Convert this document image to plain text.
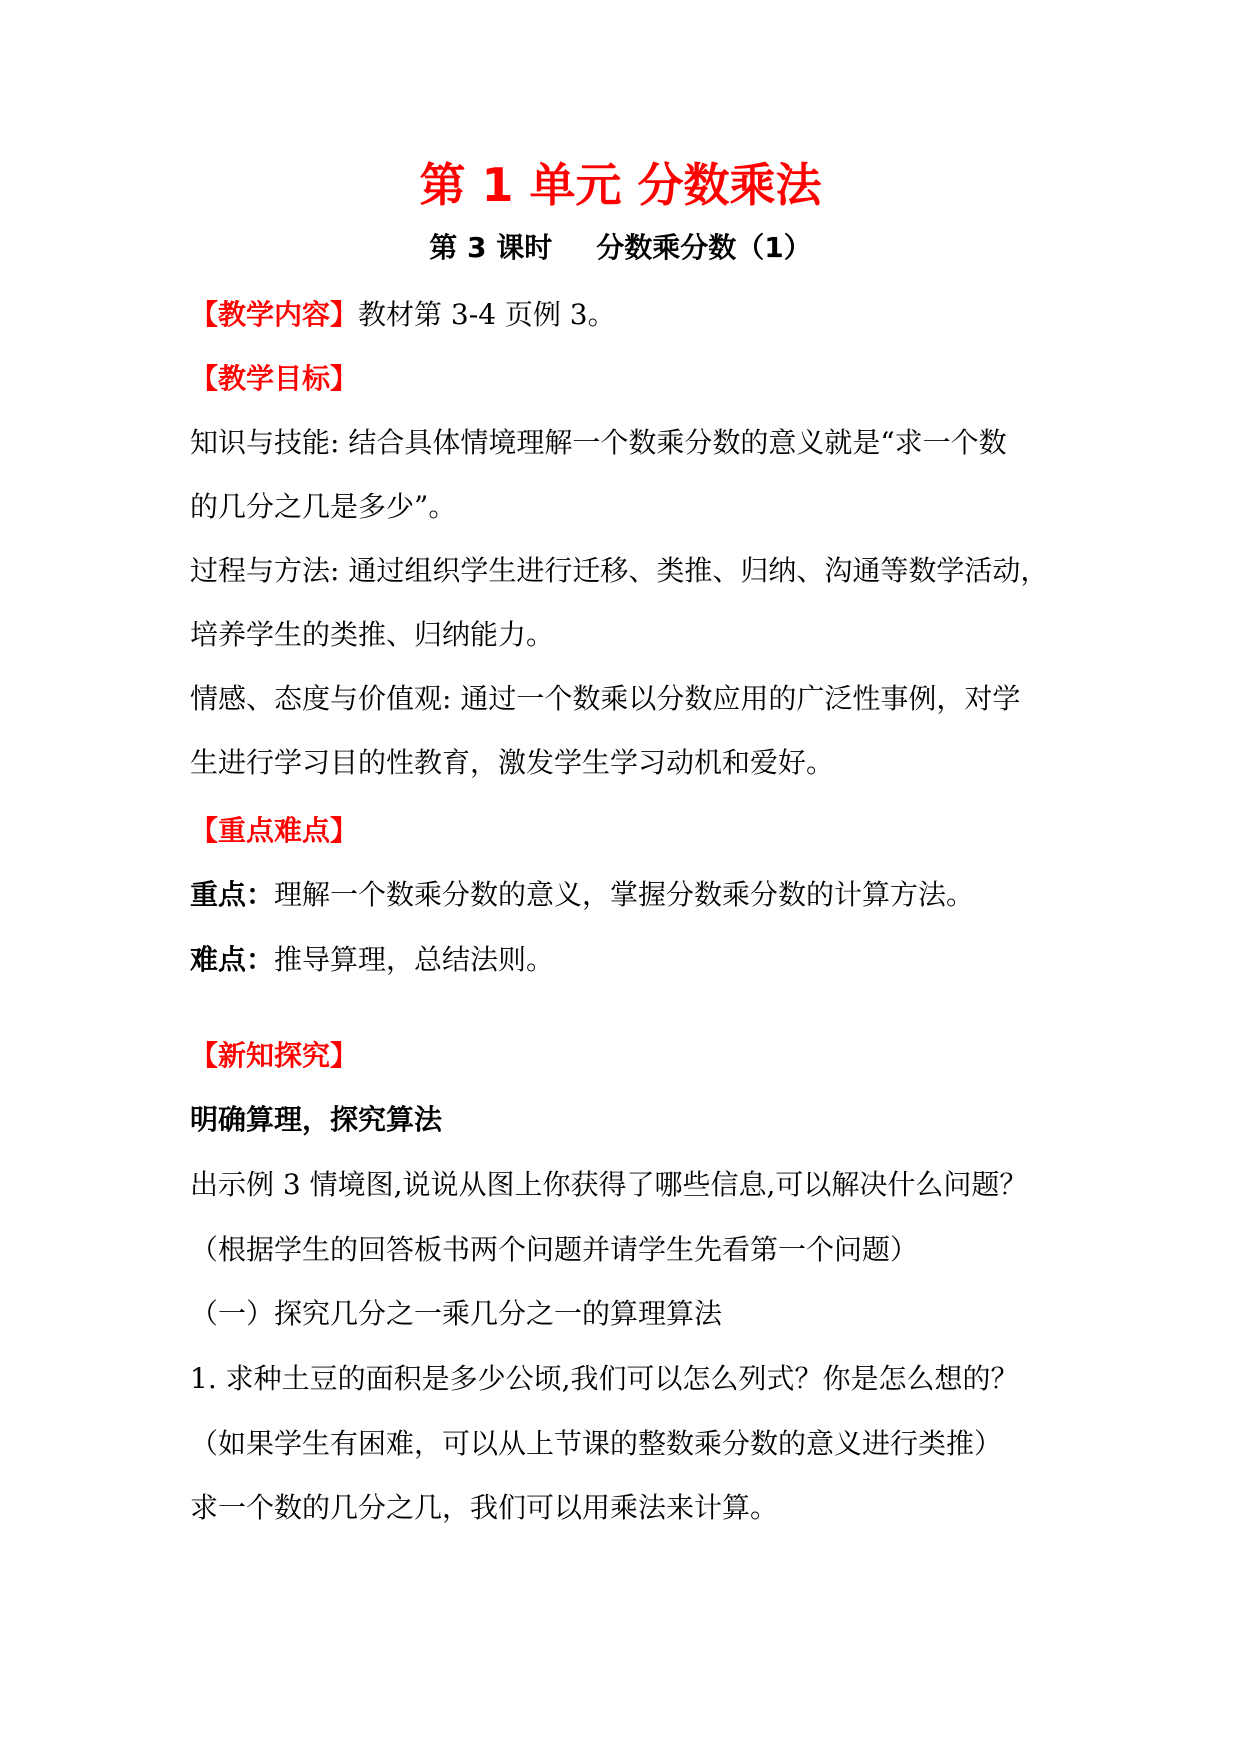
第 1 单元 分数乘法
第 3 课时 分数乘分数（1）
【教学内容】教材第 3-4 页例 3。
【教学目标】
知识与技能: 结合具体情境理解一个数乘分数的意义就是“求一个数
的几分之几是多少”。
过程与方法: 通过组织学生进行迁移、类推、归纳、沟通等数学活动，
培养学生的类推、归纳能力。
情感、态度与价值观: 通过一个数乘以分数应用的广泛性事例，对学
生进行学习目的性教育，激发学生学习动机和爱好。
【重点难点】
重点：理解一个数乘分数的意义，掌握分数乘分数的计算方法。
难点：推导算理，总结法则。
【新知探究】
明确算理，探究算法
出示例 3 情境图,说说从图上你获得了哪些信息,可以解决什么问题？
（根据学生的回答板书两个问题并请学生先看第一个问题）
（一）探究几分之一乘几分之一的算理算法
1. 求种土豆的面积是多少公顷,我们可以怎么列式？你是怎么想的？
（如果学生有困难，可以从上节课的整数乘分数的意义进行类推）
求一个数的几分之几，我们可以用乘法来计算。
